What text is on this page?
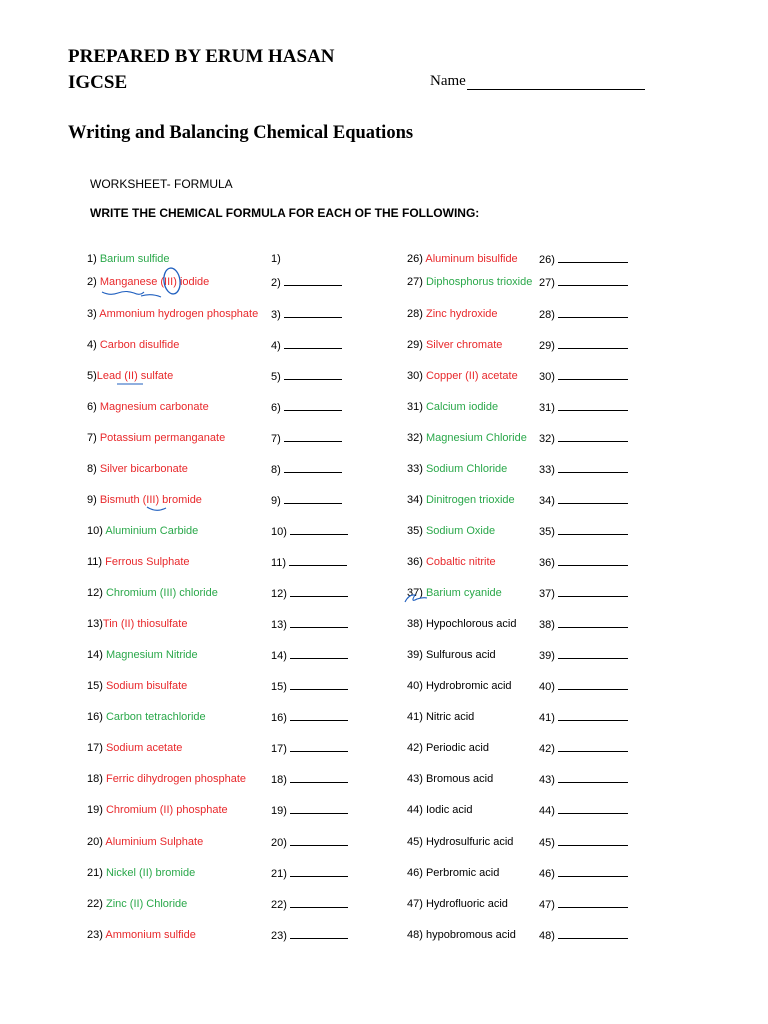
PREPARED BY ERUM HASAN
IGCSE	Name
Writing and Balancing Chemical Equations
WORKSHEET- FORMULA
WRITE THE CHEMICAL FORMULA FOR EACH OF THE FOLLOWING:
1) Barium sulfide	1)
2) Manganese (III) iodide	2)
3) Ammonium hydrogen phosphate 3)
4) Carbon disulfide	4)
5)Lead (II) sulfate	5)
6) Magnesium carbonate	6)
7) Potassium permanganate	7)
8) Silver bicarbonate	8)
9) Bismuth (III) bromide	9)
10) Aluminium Carbide	10)
11) Ferrous Sulphate	11)
12) Chromium (III) chloride	12)
13)Tin (II) thiosulfate	13)
14) Magnesium Nitride	14)
15) Sodium bisulfate	15)
16) Carbon tetrachloride	16)
17) Sodium acetate	17)
18) Ferric dihydrogen phosphate 18)
19) Chromium (II) phosphate	19)
20) Aluminium Sulphate	20)
21) Nickel (II) bromide	21)
22) Zinc (II) Chloride	22)
23) Ammonium sulfide	23)
26) Aluminum bisulfide 26)
27) Diphosphorus trioxide 27)
28) Zinc hydroxide	28)
29) Silver chromate	29)
30) Copper (II) acetate 30)
31) Calcium iodide	31)
32) Magnesium Chloride 32)
33) Sodium Chloride	33)
34) Dinitrogen trioxide 34)
35) Sodium Oxide	35)
36) Cobaltic nitrite	36)
37) Barium cyanide	37)
38) Hypochlorous acid 38)
39) Sulfurous acid	39)
40) Hydrobromic acid 40)
41) Nitric acid	41)
42) Periodic acid	42)
43) Bromous acid	43)
44) Iodic acid	44)
45) Hydrosulfuric acid 45)
46) Perbromic acid	46)
47) Hydrofluoric acid	47)
48) hypobromous acid 48)
